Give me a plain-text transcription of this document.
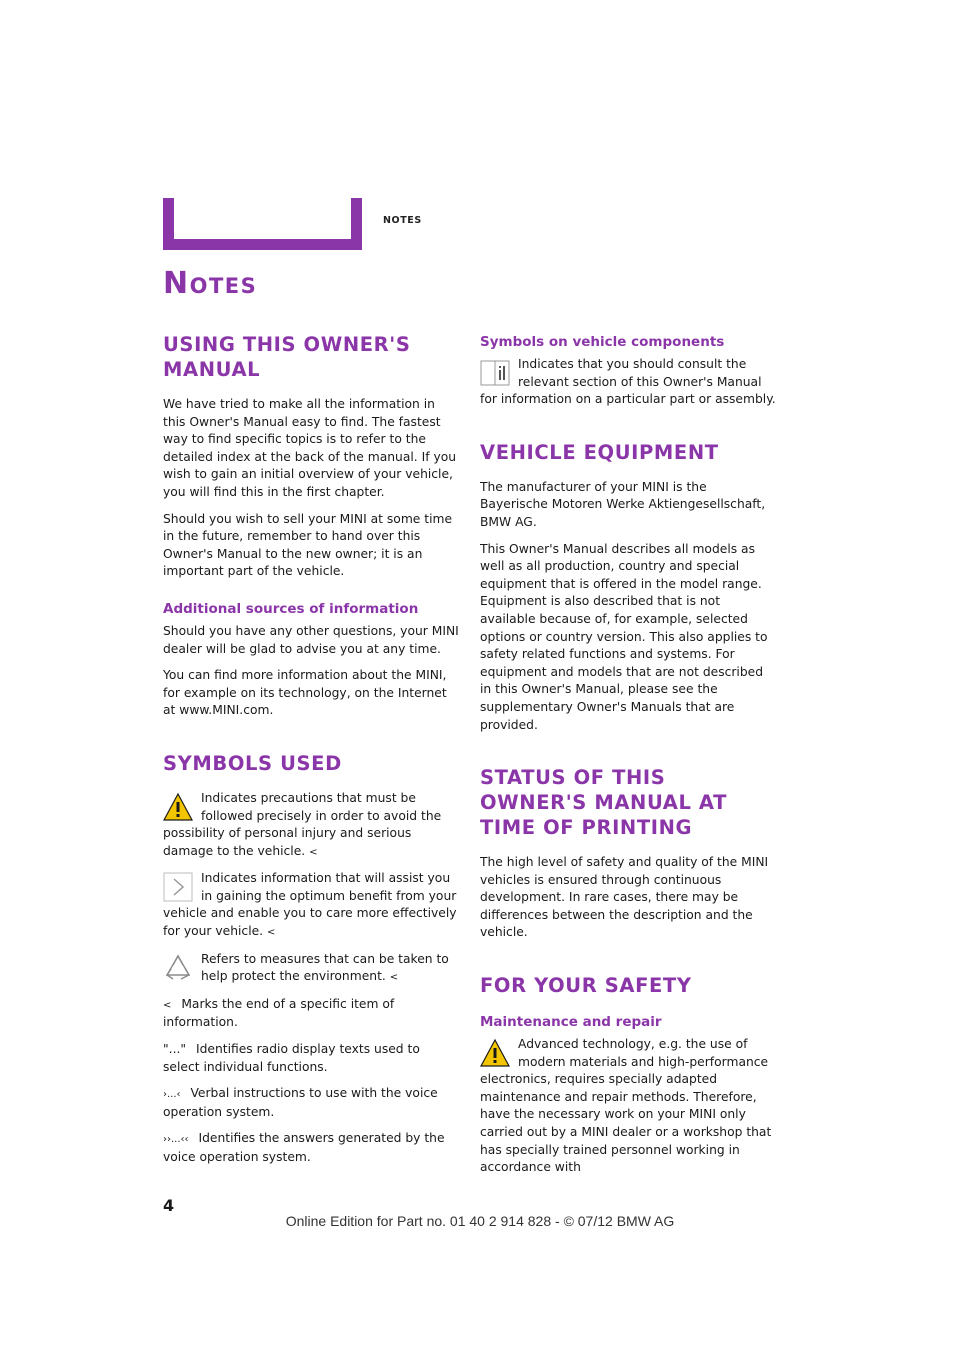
NOTES
Notes
USING THIS OWNER'S MANUAL

We have tried to make all the information in this Owner's Manual easy to find. The fastest way to find specific topics is to refer to the detailed index at the back of the manual. If you wish to gain an initial overview of your vehicle, you will find this in the first chapter.

Should you wish to sell your MINI at some time in the future, remember to hand over this Owner's Manual to the new owner; it is an important part of the vehicle.

Additional sources of information

Should you have any other questions, your MINI dealer will be glad to advise you at any time.

You can find more information about the MINI, for example on its technology, on the Internet at www.MINI.com.

SYMBOLS USED
Indicates precautions that must be followed precisely in order to avoid the possibility of personal injury and serious damage to the vehicle. <
Indicates information that will assist you in gaining the optimum benefit from your vehicle and enable you to care more effectively for your vehicle. <
Refers to measures that can be taken to help protect the environment. <

< Marks the end of a specific item of information.

"..." Identifies radio display texts used to select individual functions.

›...‹ Verbal instructions to use with the voice operation system.

››...‹‹ Identifies the answers generated by the voice operation system.

Symbols on vehicle components
Indicates that you should consult the relevant section of this Owner's Manual for information on a particular part or assembly.
VEHICLE EQUIPMENT

The manufacturer of your MINI is the Bayerische Motoren Werke Aktiengesellschaft, BMW AG.

This Owner's Manual describes all models as well as all production, country and special equipment that is offered in the model range. Equipment is also described that is not available because of, for example, selected options or country version. This also applies to safety related functions and systems. For equipment and models that are not described in this Owner's Manual, please see the supplementary Owner's Manuals that are provided.

STATUS OF THIS OWNER'S MANUAL AT TIME OF PRINTING

The high level of safety and quality of the MINI vehicles is ensured through continuous development. In rare cases, there may be differences between the description and the vehicle.

FOR YOUR SAFETY
Maintenance and repair
Advanced technology, e.g. the use of modern materials and high-performance electronics, requires specially adapted maintenance and repair methods. Therefore, have the necessary work on your MINI only carried out by a MINI dealer or a workshop that has specially trained personnel working in accordance with
4
Online Edition for Part no. 01 40 2 914 828 - © 07/12 BMW AG
